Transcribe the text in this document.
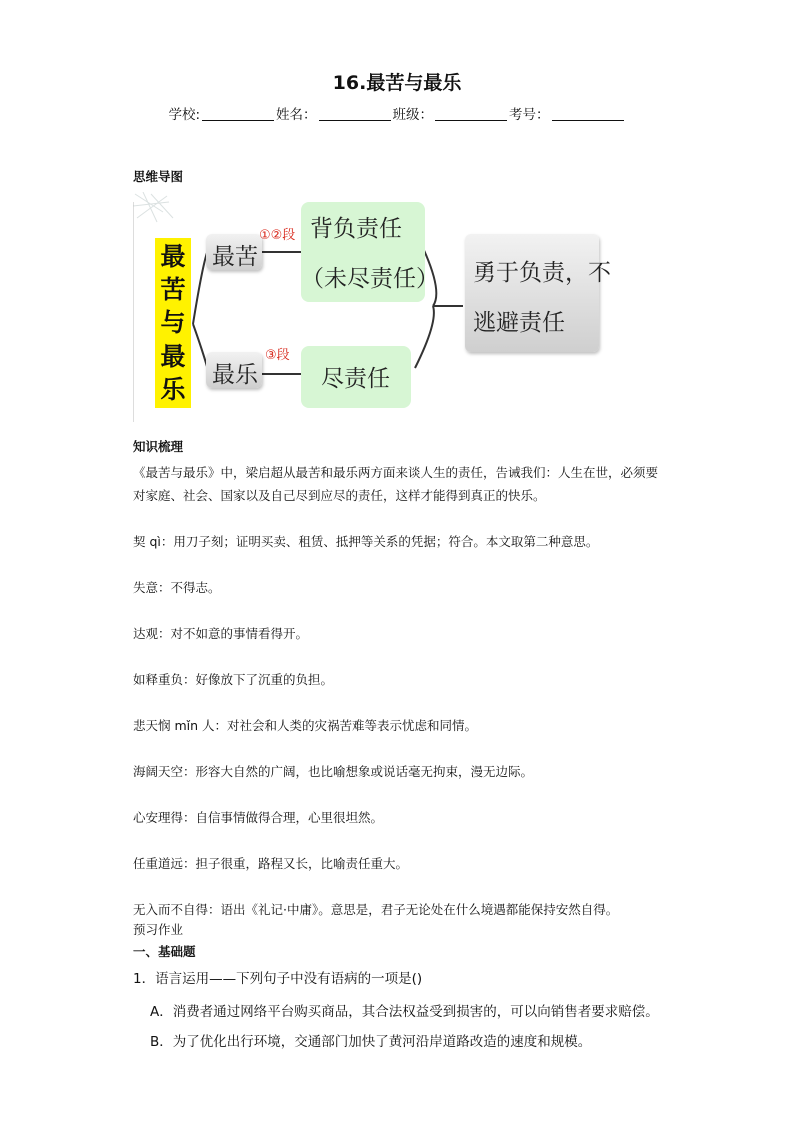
16.最苦与最乐
学校:	姓名：	班级：	考号：
思维导图
最
苦
与
最
乐
最苦
最乐
①②段
③段
背负责任
（未尽责任）
尽责任
勇于负责，不
逃避责任
知识梳理
《最苦与最乐》中，梁启超从最苦和最乐两方面来谈人生的责任，告诫我们：人生在世，必须要
对家庭、社会、国家以及自己尽到应尽的责任，这样才能得到真正的快乐。
契 qì：用刀子刻；证明买卖、租赁、抵押等关系的凭据；符合。本文取第二种意思。
失意：不得志。
达观：对不如意的事情看得开。
如释重负：好像放下了沉重的负担。
悲天悯 mǐn 人：对社会和人类的灾祸苦难等表示忧虑和同情。
海阔天空：形容大自然的广阔，也比喻想象或说话毫无拘束，漫无边际。
心安理得：自信事情做得合理，心里很坦然。
任重道远：担子很重，路程又长，比喻责任重大。
无入而不自得：语出《礼记·中庸》。意思是，君子无论处在什么境遇都能保持安然自得。
预习作业
一、基础题
1．语言运用——下列句子中没有语病的一项是()
A．消费者通过网络平台购买商品，其合法权益受到损害的，可以向销售者要求赔偿。
B．为了优化出行环境，交通部门加快了黄河沿岸道路改造的速度和规模。
